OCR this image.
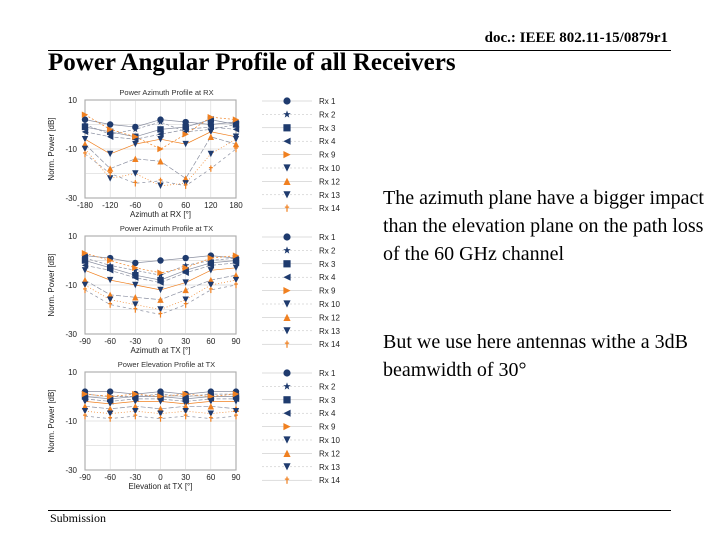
doc.: IEEE 802.11-15/0879r1
Power Angular Profile of all Receivers
Power Azimuth Profile at RX
10
-10
-30
-180 -120 -60 0 60 120 180
Azimuth at RX [°]
Norm. Power [dB]
Rx 1
Rx 2
Rx 3
Rx 4
Rx 9
Rx 10
Rx 12
Rx 13
Rx 14
Power Azimuth Profile at TX
10
-10
-30
-90 -60 -30 0 30 60 90
Azimuth at TX [°]
Norm. Power [dB]
Rx 1
Rx 2
Rx 3
Rx 4
Rx 9
Rx 10
Rx 12
Rx 13
Rx 14
Power Elevation Profile at TX
10
-10
-30
-90 -60 -30 0 30 60 90
Elevation at TX [°]
Norm. Power [dB]
Rx 1
Rx 2
Rx 3
Rx 4
Rx 9
Rx 10
Rx 12
Rx 13
Rx 14

The azimuth plane have a bigger impact than the elevation plane on the path loss of the 60 GHz channel

But we use here antennas withe a 3dB beamwidth of 30°

Submission
